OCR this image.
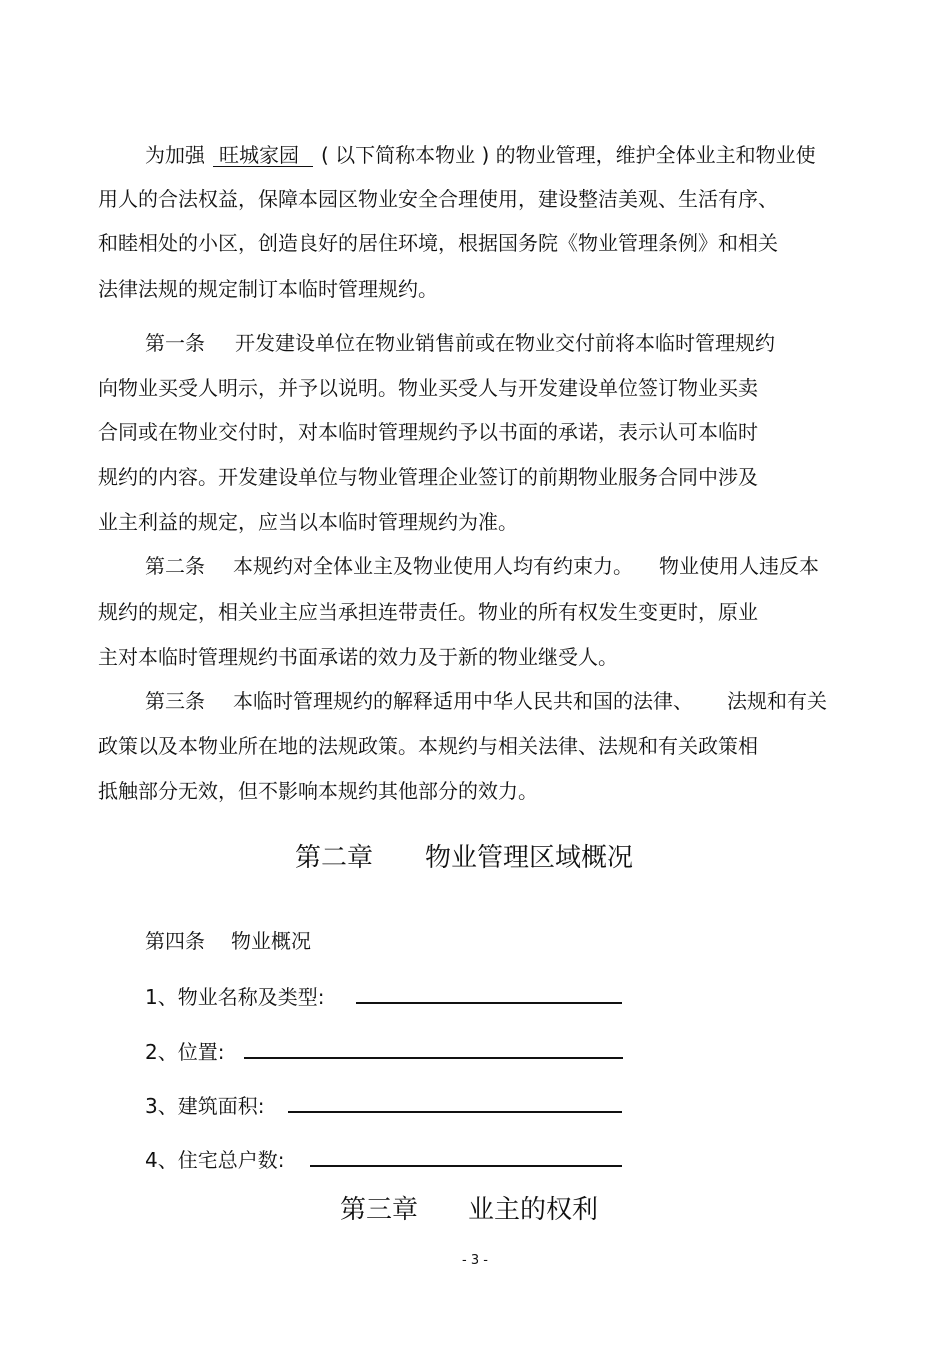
为加强 旺城家园 ( 以下简称本物业 ) 的物业管理，维护全体业主和物业使
用人的合法权益，保障本园区物业安全合理使用，建设整洁美观、生活有序、
和睦相处的小区，创造良好的居住环境，根据国务院《物业管理条例》和相关
法律法规的规定制订本临时管理规约。
第一条 开发建设单位在物业销售前或在物业交付前将本临时管理规约
向物业买受人明示，并予以说明。物业买受人与开发建设单位签订物业买卖
合同或在物业交付时，对本临时管理规约予以书面的承诺，表示认可本临时
规约的内容。开发建设单位与物业管理企业签订的前期物业服务合同中涉及
业主利益的规定，应当以本临时管理规约为准。
第二条 本规约对全体业主及物业使用人均有约束力。 物业使用人违反本
规约的规定，相关业主应当承担连带责任。物业的所有权发生变更时，原业
主对本临时管理规约书面承诺的效力及于新的物业继受人。
第三条 本临时管理规约的解释适用中华人民共和国的法律、 法规和有关
政策以及本物业所在地的法规政策。本规约与相关法律、法规和有关政策相
抵触部分无效，但不影响本规约其他部分的效力。
第二章 物业管理区域概况
第四条 物业概况
1、物业名称及类型:
2、位置:
3、建筑面积:
4、住宅总户数:
第三章 业主的权利
- 3 -
